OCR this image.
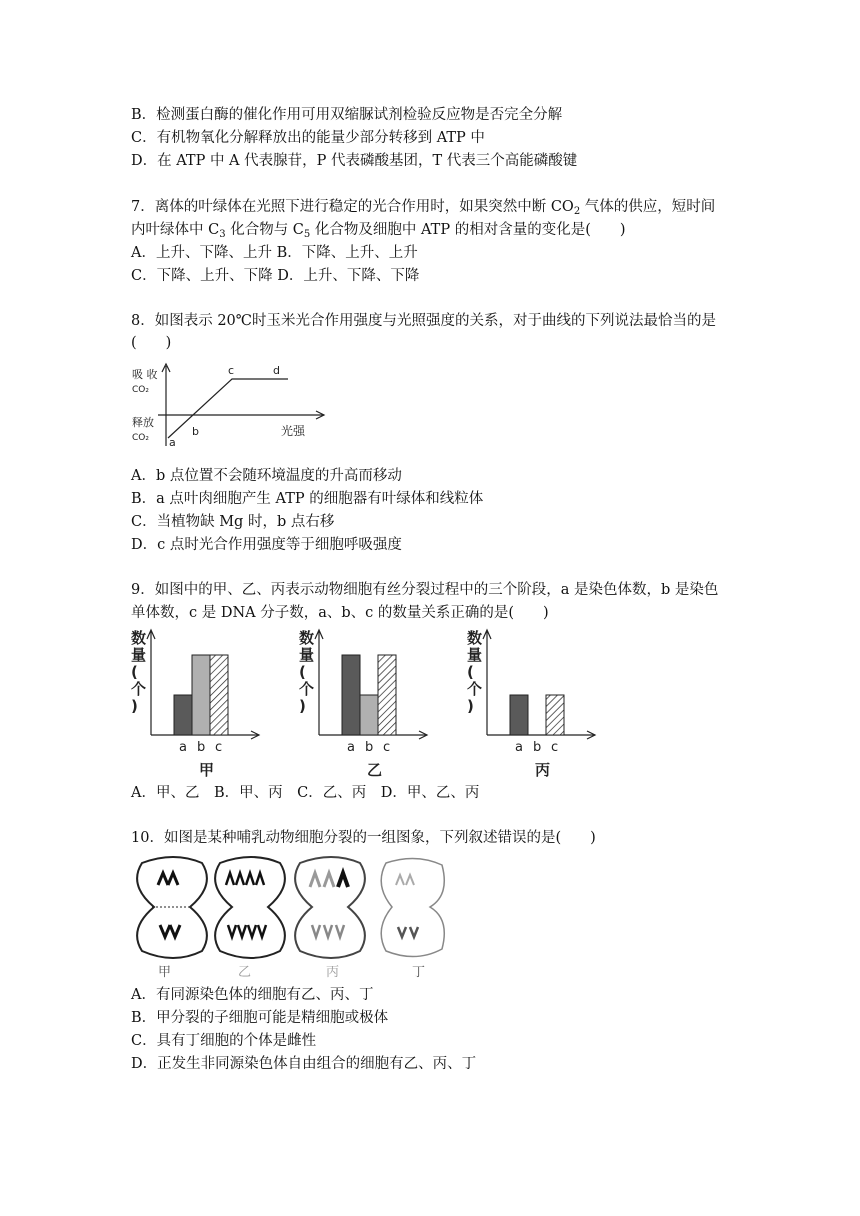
B．检测蛋白酶的催化作用可用双缩脲试剂检验反应物是否完全分解
C．有机物氧化分解释放出的能量少部分转移到 ATP 中
D．在 ATP 中 A 代表腺苷，P 代表磷酸基团，T 代表三个高能磷酸键
7．离体的叶绿体在光照下进行稳定的光合作用时，如果突然中断 $CO_2$ 气体的供应，短时间
内叶绿体中 $C_3$ 化合物与 $C_5$ 化合物及细胞中 ATP 的相对含量的变化是(　　)
A．上升、下降、上升 B．下降、上升、上升
C．下降、上升、下降 D．上升、下降、下降
8．如图表示 20℃时玉米光合作用强度与光照强度的关系，对于曲线的下列说法最恰当的是
(　　)
吸 收
CO₂
释放
CO₂ a
b
c	d
光强
A．b 点位置不会随环境温度的升高而移动
B．a 点叶肉细胞产生 ATP 的细胞器有叶绿体和线粒体
C．当植物缺 Mg 时，b 点右移
D．c 点时光合作用强度等于细胞呼吸强度
9．如图中的甲、乙、丙表示动物细胞有丝分裂过程中的三个阶段，a 是染色体数，b 是染色
单体数，c 是 DNA 分子数，a、b、c 的数量关系正确的是(　　)
数
量
(
个
)
a b c
甲
数
量
(
个
)
a b c
乙
数
量
(
个
)
a b c
丙
A．甲、乙　B．甲、丙　C．乙、丙　D．甲、乙、丙
10．如图是某种哺乳动物细胞分裂的一组图象，下列叙述错误的是(　　)
甲	乙	丙	丁
A．有同源染色体的细胞有乙、丙、丁
B．甲分裂的子细胞可能是精细胞或极体
C．具有丁细胞的个体是雌性
D．正发生非同源染色体自由组合的细胞有乙、丙、丁
